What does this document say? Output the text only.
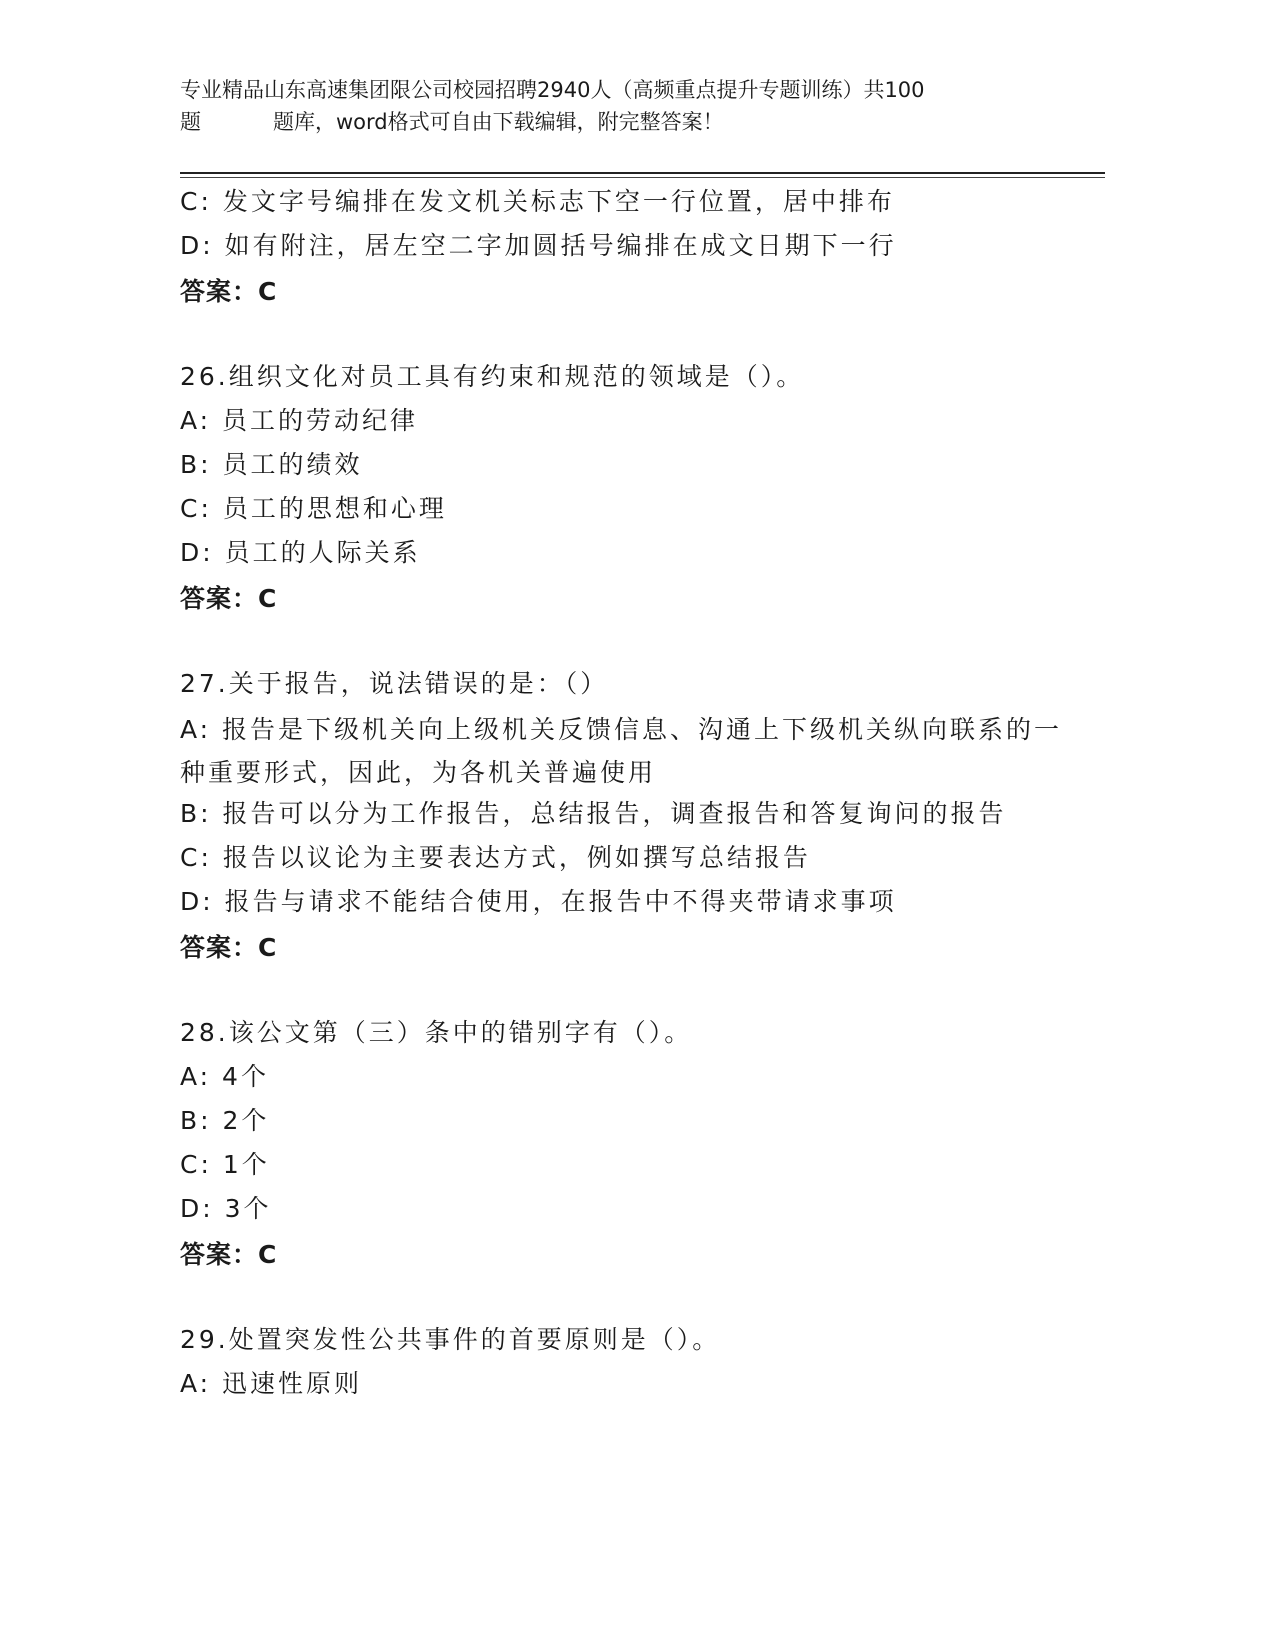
专业精品山东高速集团限公司校园招聘2940人（高频重点提升专题训练）共100
题	题库，word格式可自由下载编辑，附完整答案！
C: 发文字号编排在发文机关标志下空一行位置，居中排布
D: 如有附注，居左空二字加圆括号编排在成文日期下一行
答案：C
26.组织文化对员工具有约束和规范的领域是（）。
A: 员工的劳动纪律
B: 员工的绩效
C: 员工的思想和心理
D: 员工的人际关系
答案：C
27.关于报告，说法错误的是：（）
A: 报告是下级机关向上级机关反馈信息、沟通上下级机关纵向联系的一种重要形式，因此，为各机关普遍使用
B: 报告可以分为工作报告，总结报告，调查报告和答复询问的报告
C: 报告以议论为主要表达方式，例如撰写总结报告
D: 报告与请求不能结合使用，在报告中不得夹带请求事项
答案：C
28.该公文第（三）条中的错别字有（）。
A: 4个
B: 2个
C: 1个
D: 3个
答案：C
29.处置突发性公共事件的首要原则是（）。
A: 迅速性原则
